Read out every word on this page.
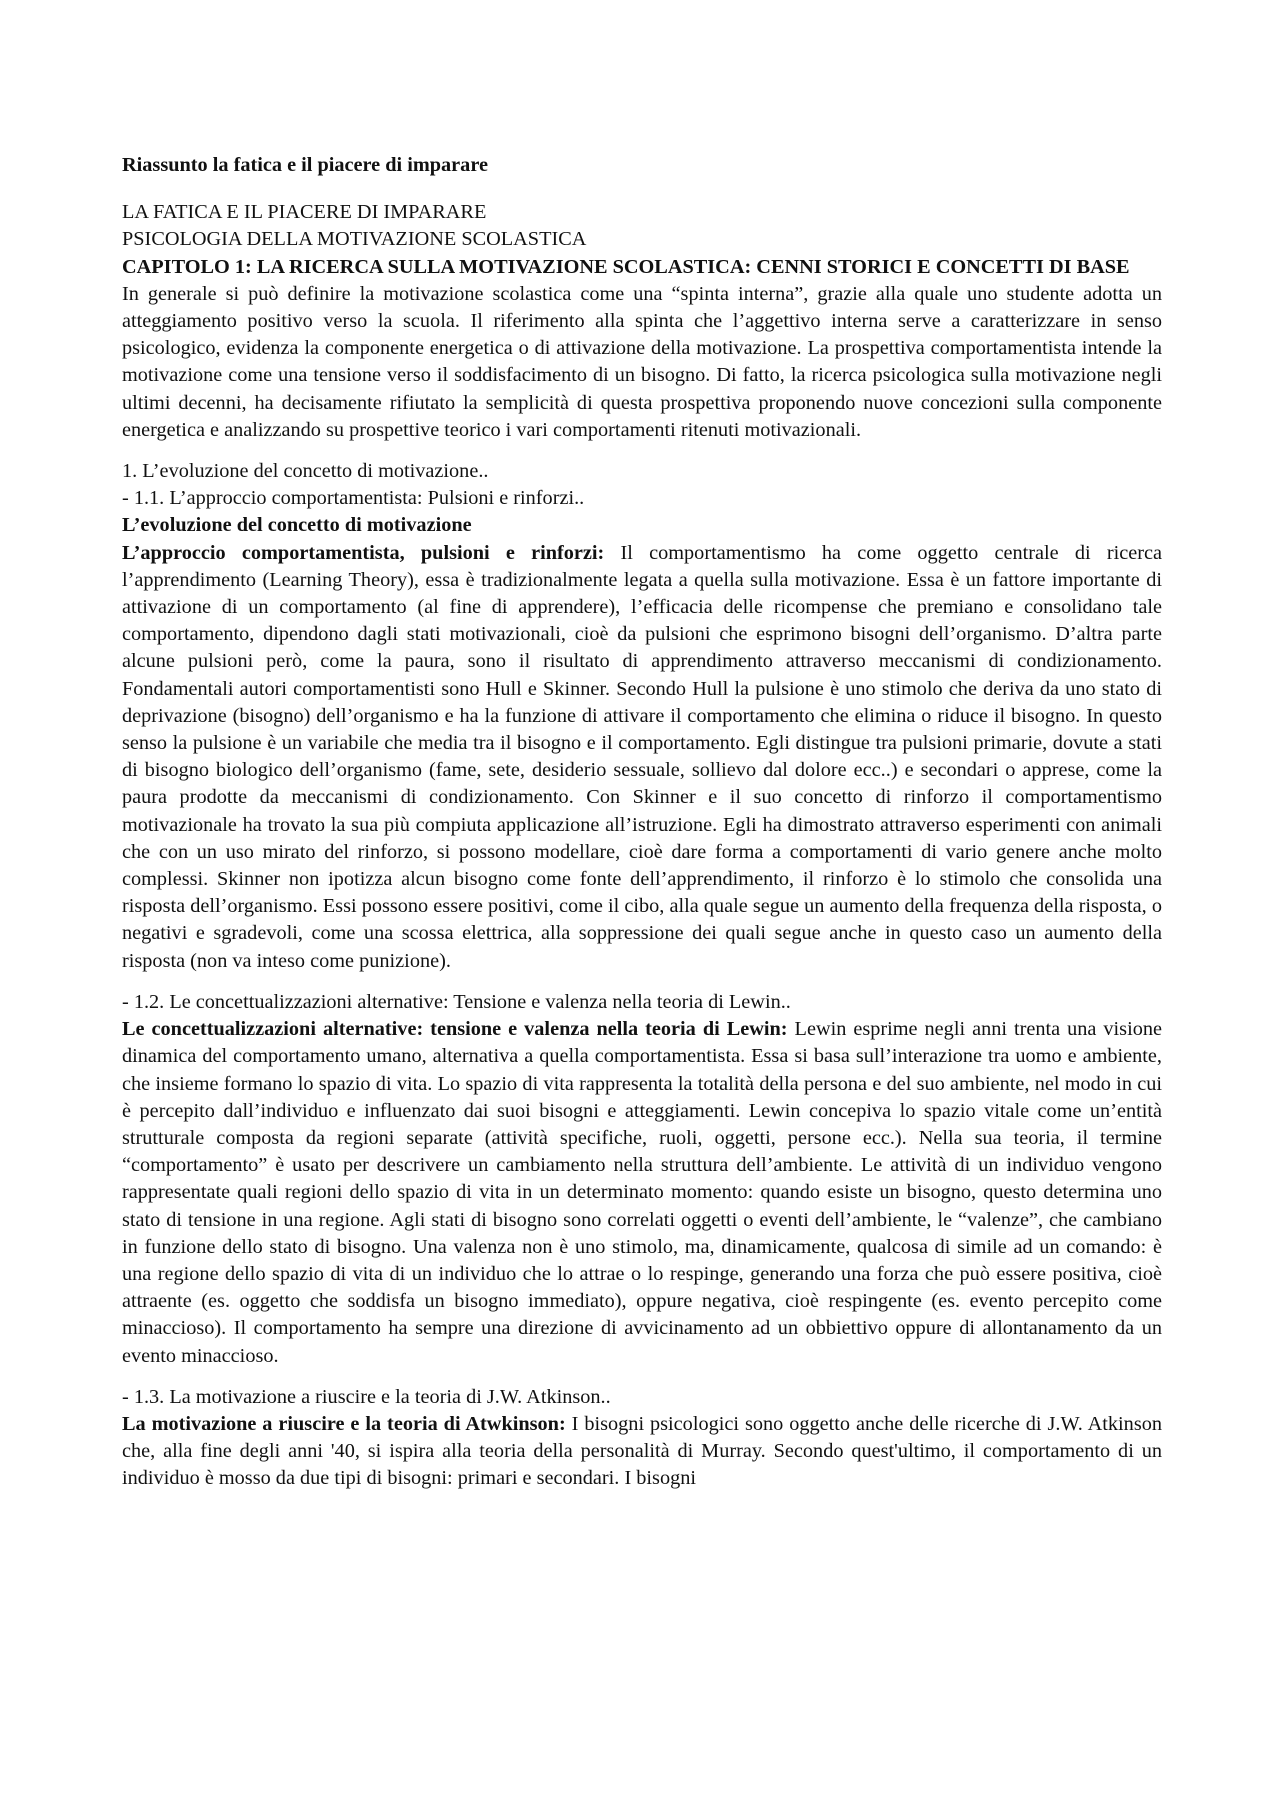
Riassunto la fatica e il piacere di imparare

LA FATICA E IL PIACERE DI IMPARARE

PSICOLOGIA DELLA MOTIVAZIONE SCOLASTICA

CAPITOLO 1: LA RICERCA SULLA MOTIVAZIONE SCOLASTICA: CENNI STORICI E CONCETTI DI BASE

In generale si può definire la motivazione scolastica come una “spinta interna”, grazie alla quale uno studente adotta un atteggiamento positivo verso la scuola. Il riferimento alla spinta che l’aggettivo interna serve a caratterizzare in senso psicologico, evidenza la componente energetica o di attivazione della motivazione. La prospettiva comportamentista intende la motivazione come una tensione verso il soddisfacimento di un bisogno. Di fatto, la ricerca psicologica sulla motivazione negli ultimi decenni, ha decisamente rifiutato la semplicità di questa prospettiva proponendo nuove concezioni sulla componente energetica e analizzando su prospettive teorico i vari comportamenti ritenuti motivazionali.

1. L’evoluzione del concetto di motivazione..

- 1.1. L’approccio comportamentista: Pulsioni e rinforzi..

L’evoluzione del concetto di motivazione

L’approccio comportamentista, pulsioni e rinforzi: Il comportamentismo ha come oggetto centrale di ricerca l’apprendimento (Learning Theory), essa è tradizionalmente legata a quella sulla motivazione. Essa è un fattore importante di attivazione di un comportamento (al fine di apprendere), l’efficacia delle ricompense che premiano e consolidano tale comportamento, dipendono dagli stati motivazionali, cioè da pulsioni che esprimono bisogni dell’organismo. D’altra parte alcune pulsioni però, come la paura, sono il risultato di apprendimento attraverso meccanismi di condizionamento. Fondamentali autori comportamentisti sono Hull e Skinner. Secondo Hull la pulsione è uno stimolo che deriva da uno stato di deprivazione (bisogno) dell’organismo e ha la funzione di attivare il comportamento che elimina o riduce il bisogno. In questo senso la pulsione è un variabile che media tra il bisogno e il comportamento. Egli distingue tra pulsioni primarie, dovute a stati di bisogno biologico dell’organismo (fame, sete, desiderio sessuale, sollievo dal dolore ecc..) e secondari o apprese, come la paura prodotte da meccanismi di condizionamento. Con Skinner e il suo concetto di rinforzo il comportamentismo motivazionale ha trovato la sua più compiuta applicazione all’istruzione. Egli ha dimostrato attraverso esperimenti con animali che con un uso mirato del rinforzo, si possono modellare, cioè dare forma a comportamenti di vario genere anche molto complessi. Skinner non ipotizza alcun bisogno come fonte dell’apprendimento, il rinforzo è lo stimolo che consolida una risposta dell’organismo. Essi possono essere positivi, come il cibo, alla quale segue un aumento della frequenza della risposta, o negativi e sgradevoli, come una scossa elettrica, alla soppressione dei quali segue anche in questo caso un aumento della risposta (non va inteso come punizione).

- 1.2. Le concettualizzazioni alternative: Tensione e valenza nella teoria di Lewin..

Le concettualizzazioni alternative: tensione e valenza nella teoria di Lewin: Lewin esprime negli anni trenta una visione dinamica del comportamento umano, alternativa a quella comportamentista. Essa si basa sull’interazione tra uomo e ambiente, che insieme formano lo spazio di vita. Lo spazio di vita rappresenta la totalità della persona e del suo ambiente, nel modo in cui è percepito dall’individuo e influenzato dai suoi bisogni e atteggiamenti. Lewin concepiva lo spazio vitale come un’entità strutturale composta da regioni separate (attività specifiche, ruoli, oggetti, persone ecc.). Nella sua teoria, il termine “comportamento” è usato per descrivere un cambiamento nella struttura dell’ambiente. Le attività di un individuo vengono rappresentate quali regioni dello spazio di vita in un determinato momento: quando esiste un bisogno, questo determina uno stato di tensione in una regione. Agli stati di bisogno sono correlati oggetti o eventi dell’ambiente, le “valenze”, che cambiano in funzione dello stato di bisogno. Una valenza non è uno stimolo, ma, dinamicamente, qualcosa di simile ad un comando: è una regione dello spazio di vita di un individuo che lo attrae o lo respinge, generando una forza che può essere positiva, cioè attraente (es. oggetto che soddisfa un bisogno immediato), oppure negativa, cioè respingente (es. evento percepito come minaccioso). Il comportamento ha sempre una direzione di avvicinamento ad un obbiettivo oppure di allontanamento da un evento minaccioso.

- 1.3. La motivazione a riuscire e la teoria di J.W. Atkinson..

La motivazione a riuscire e la teoria di Atwkinson: I bisogni psicologici sono oggetto anche delle ricerche di J.W. Atkinson che, alla fine degli anni '40, si ispira alla teoria della personalità di Murray. Secondo quest'ultimo, il comportamento di un individuo è mosso da due tipi di bisogni: primari e secondari. I bisogni
